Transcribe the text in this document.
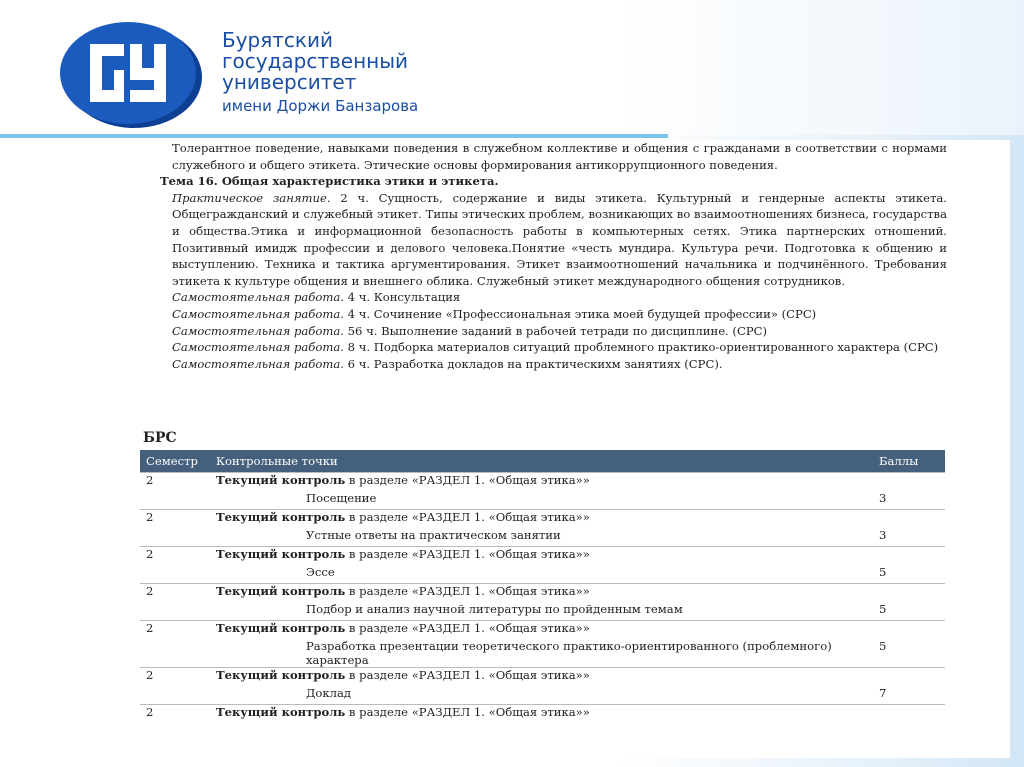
Бурятский
государственный
университет
имени Доржи Банзарова

Толерантное поведение, навыками поведения в служебном коллективе и общения с гражданами в соответствии с нормами служебного и общего этикета. Этические основы формирования антикоррупционного поведения.

Тема 16. Общая характеристика этики и этикета.

Практическое занятие. 2 ч. Сущность, содержание и виды этикета. Культурный и гендерные аспекты этикета. Общегражданский и служебный этикет. Типы этических проблем, возникающих во взаимоотношениях бизнеса, государства и общества.Этика и информационной безопасность работы в компьютерных сетях. Этика партнерских отношений. Позитивный имидж профессии и делового человека.Понятие «честь мундира. Культура речи. Подготовка к общению и выступлению. Техника и тактика аргументирования. Этикет взаимоотношений начальника и подчинённого. Требования этикета к культуре общения и внешнего облика. Служебный этикет международного общения сотрудников.

Самостоятельная работа. 4 ч. Консультация

Самостоятельная работа. 4 ч. Сочинение «Профессиональная этика моей будущей профессии» (СРС)

Самостоятельная работа. 56 ч. Выполнение заданий в рабочей тетради по дисциплине. (СРС)

Самостоятельная работа. 8 ч. Подборка материалов ситуаций проблемного практико-ориентированного характера (СРС)

Самостоятельная работа. 6 ч. Разработка докладов на практическихм занятиях (СРС).

БРС
Семестр	Контрольные точки	Баллы
2	Текущий контроль в разделе «РАЗДЕЛ 1. «Общая этика»»	
	Посещение	3
2	Текущий контроль в разделе «РАЗДЕЛ 1. «Общая этика»»	
	Устные ответы на практическом занятии	3
2	Текущий контроль в разделе «РАЗДЕЛ 1. «Общая этика»»	
	Эссе	5
2	Текущий контроль в разделе «РАЗДЕЛ 1. «Общая этика»»	
	Подбор и анализ научной литературы по пройденным темам	5
2	Текущий контроль в разделе «РАЗДЕЛ 1. «Общая этика»»	
	Разработка презентации теоретического практико-ориентированного (проблемного) характера	5
2	Текущий контроль в разделе «РАЗДЕЛ 1. «Общая этика»»	
	Доклад	7
2	Текущий контроль в разделе «РАЗДЕЛ 1. «Общая этика»»	
